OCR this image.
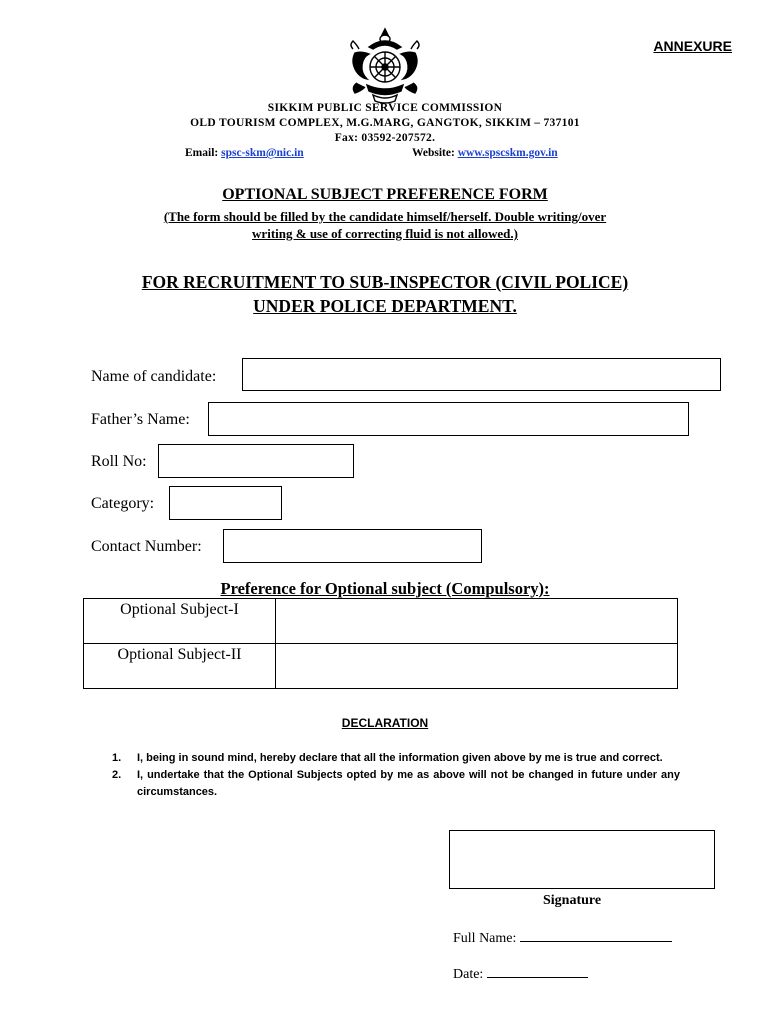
ANNEXURE
SIKKIM PUBLIC SERVICE COMMISSION
OLD TOURISM COMPLEX, M.G.MARG, GANGTOK, SIKKIM – 737101
Fax: 03592-207572.
Email: spsc-skm@nic.in	Website: www.spscskm.gov.in
OPTIONAL SUBJECT PREFERENCE FORM
(The form should be filled by the candidate himself/herself. Double writing/over
writing & use of correcting fluid is not allowed.)
FOR RECRUITMENT TO SUB-INSPECTOR (CIVIL POLICE)
UNDER POLICE DEPARTMENT.
Name of candidate:
Father’s Name:
Roll No:
Category:
Contact Number:
Preference for Optional subject (Compulsory):
Optional Subject-I
Optional Subject-II
DECLARATION
1. I, being in sound mind, hereby declare that all the information given above by me is true and correct.
2. I, undertake that the Optional Subjects opted by me as above will not be changed in future under any circumstances.
Signature
Full Name:
Date:
